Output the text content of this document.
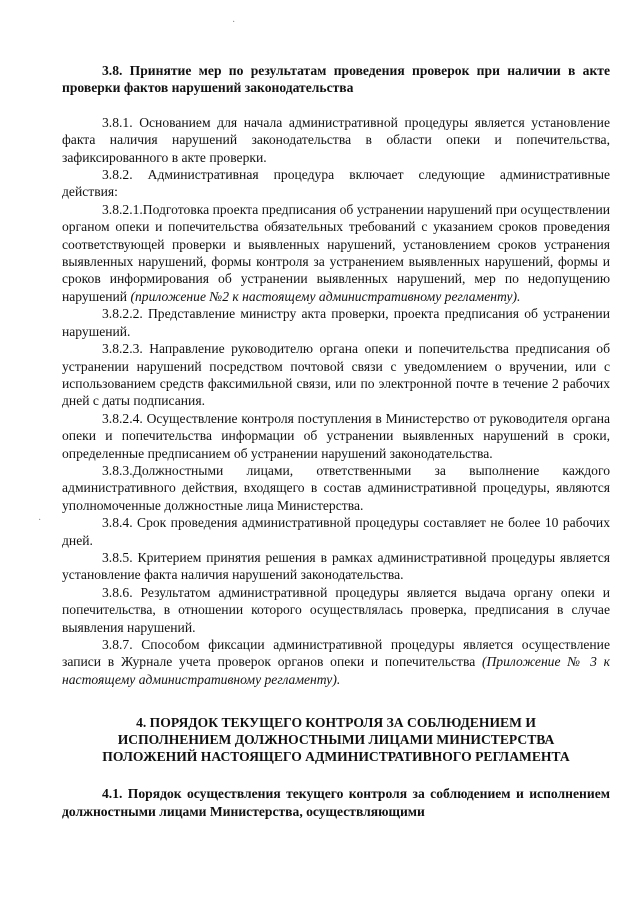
·
·

3.8. Принятие мер по результатам проведения проверок при наличии в акте проверки фактов нарушений законодательства

3.8.1. Основанием для начала административной процедуры является установление факта наличия нарушений законодательства в области опеки и попечительства, зафиксированного в акте проверки.

3.8.2. Административная процедура включает следующие административные действия:

3.8.2.1.Подготовка проекта предписания об устранении нарушений при осуществлении органом опеки и попечительства обязательных требований с указанием сроков проведения соответствующей проверки и выявленных нарушений, установлением сроков устранения выявленных нарушений, формы контроля за устранением выявленных нарушений, формы и сроков информирования об устранении выявленных нарушений, мер по недопущению нарушений (приложение №2 к настоящему административному регламенту).

3.8.2.2. Представление министру акта проверки, проекта предписания об устранении нарушений.

3.8.2.3. Направление руководителю органа опеки и попечительства предписания об устранении нарушений посредством почтовой связи с уведомлением о вручении, или с использованием средств факсимильной связи, или по электронной почте в течение 2 рабочих дней с даты подписания.

3.8.2.4. Осуществление контроля поступления в Министерство от руководителя органа опеки и попечительства информации об устранении выявленных нарушений в сроки, определенные предписанием об устранении нарушений законодательства.

3.8.3.Должностными лицами, ответственными за выполнение каждого административного действия, входящего в состав административной процедуры, являются уполномоченные должностные лица Министерства.

3.8.4. Срок проведения административной процедуры составляет не более 10 рабочих дней.

3.8.5. Критерием принятия решения в рамках административной процедуры является установление факта наличия нарушений законодательства.

3.8.6. Результатом административной процедуры является выдача органу опеки и попечительства, в отношении которого осуществлялась проверка, предписания в случае выявления нарушений.

3.8.7. Способом фиксации административной процедуры является осуществление записи в Журнале учета проверок органов опеки и попечительства (Приложение № 3 к настоящему административному регламенту).

4. ПОРЯДОК ТЕКУЩЕГО КОНТРОЛЯ ЗА СОБЛЮДЕНИЕМ И

ИСПОЛНЕНИЕМ ДОЛЖНОСТНЫМИ ЛИЦАМИ МИНИСТЕРСТВА

ПОЛОЖЕНИЙ НАСТОЯЩЕГО АДМИНИСТРАТИВНОГО РЕГЛАМЕНТА

4.1. Порядок осуществления текущего контроля за соблюдением и исполнением должностными лицами Министерства, осуществляющими
